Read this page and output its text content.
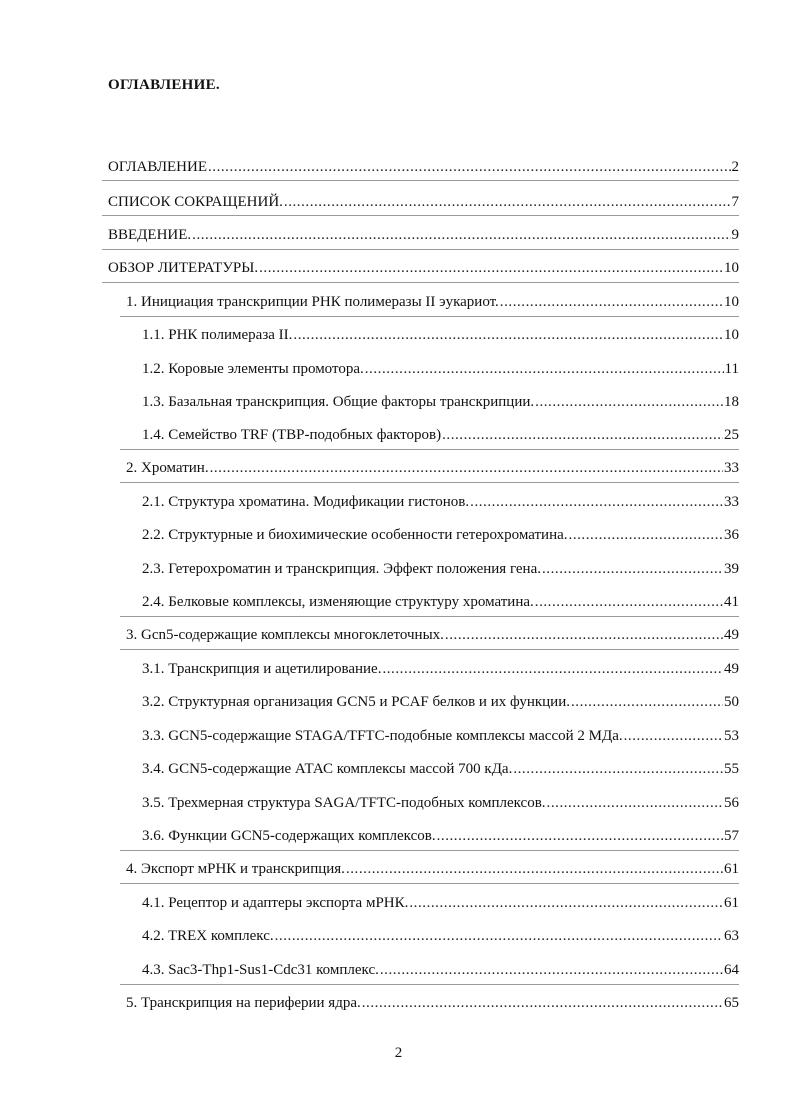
ОГЛАВЛЕНИЕ.
ОГЛАВЛЕНИЕ . . .	2
СПИСОК СОКРАЩЕНИЙ. . . .	7
ВВЕДЕНИЕ. . . .	9
ОБЗОР ЛИТЕРАТУРЫ. . . .	10
1. Инициация транскрипции РНК полимеразы II эукариот. . . .	10
1.1. РНК полимераза II. . . .	10
1.2. Коровые элементы промотора. . . .	11
1.3. Базальная транскрипция. Общие факторы транскрипции. . . .	18
1.4. Семейство TRF (TBP-подобных факторов) . . .	25
2. Хроматин. . . .	33
2.1. Структура хроматина. Модификации гистонов. . . .	33
2.2. Структурные и биохимические особенности гетерохроматина. . . .	36
2.3. Гетерохроматин и транскрипция. Эффект положения гена. . . .	39
2.4. Белковые комплексы, изменяющие структуру хроматина. . . .	41
3. Gcn5-содержащие комплексы многоклеточных. . . .	49
3.1. Транскрипция и ацетилирование. . . .	49
3.2. Структурная организация GCN5 и PCAF белков и их функции. . . .	50
3.3. GCN5-содержащие STAGA/TFTC-подобные комплексы массой 2 МДа. . . .	53
3.4. GCN5-содержащие АТАС комплексы массой 700 кДа. . . .	55
3.5. Трехмерная структура SAGA/TFTC-подобных комплексов. . . .	56
3.6. Функции GCN5-содержащих комплексов. . . .	57
4. Экспорт мРНК и транскрипция. . . .	61
4.1. Рецептор и адаптеры экспорта мРНК. . . .	61
4.2. TREX комплекс. . . .	63
4.3. Sac3-Thp1-Sus1-Cdc31 комплекс. . . .	64
5. Транскрипция на периферии ядра. . . .	65
2
